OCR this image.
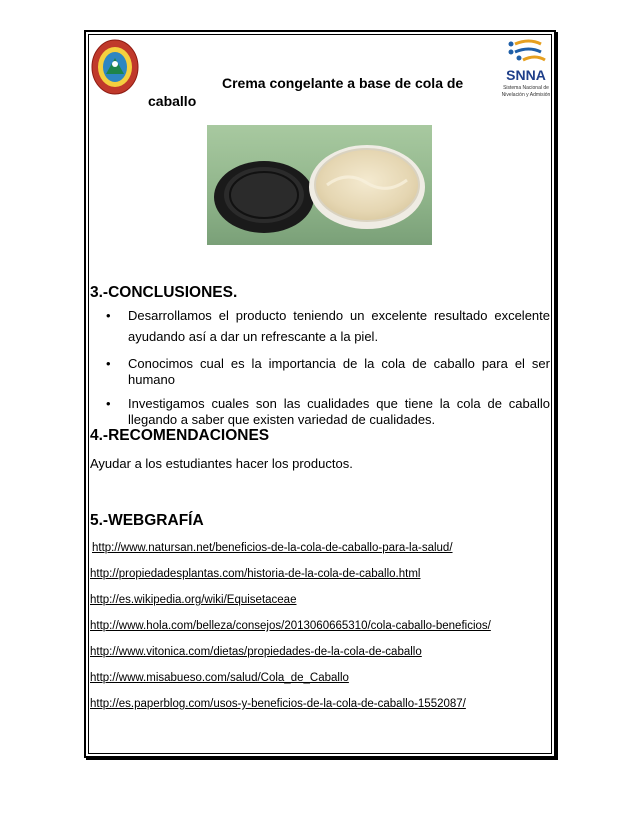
SNNA
Sistema Nacional de
Nivelación y Admisión
Crema congelante a base de cola de
caballo
3.-CONCLUSIONES.
• Desarrollamos el producto teniendo un excelente resultado excelente ayudando así a dar un refrescante a la piel.
• Conocimos cual es la importancia de la cola de caballo para el ser humano
• Investigamos cuales son las cualidades que tiene la cola de caballo llegando a saber que existen variedad de cualidades.
4.-RECOMENDACIONES
Ayudar a los estudiantes hacer los productos.
5.-WEBGRAFÍA
http://www.natursan.net/beneficios-de-la-cola-de-caballo-para-la-salud/
http://propiedadesplantas.com/historia-de-la-cola-de-caballo.html
http://es.wikipedia.org/wiki/Equisetaceae
http://www.hola.com/belleza/consejos/2013060665310/cola-caballo-beneficios/
http://www.vitonica.com/dietas/propiedades-de-la-cola-de-caballo
http://www.misabueso.com/salud/Cola_de_Caballo
http://es.paperblog.com/usos-y-beneficios-de-la-cola-de-caballo-1552087/
